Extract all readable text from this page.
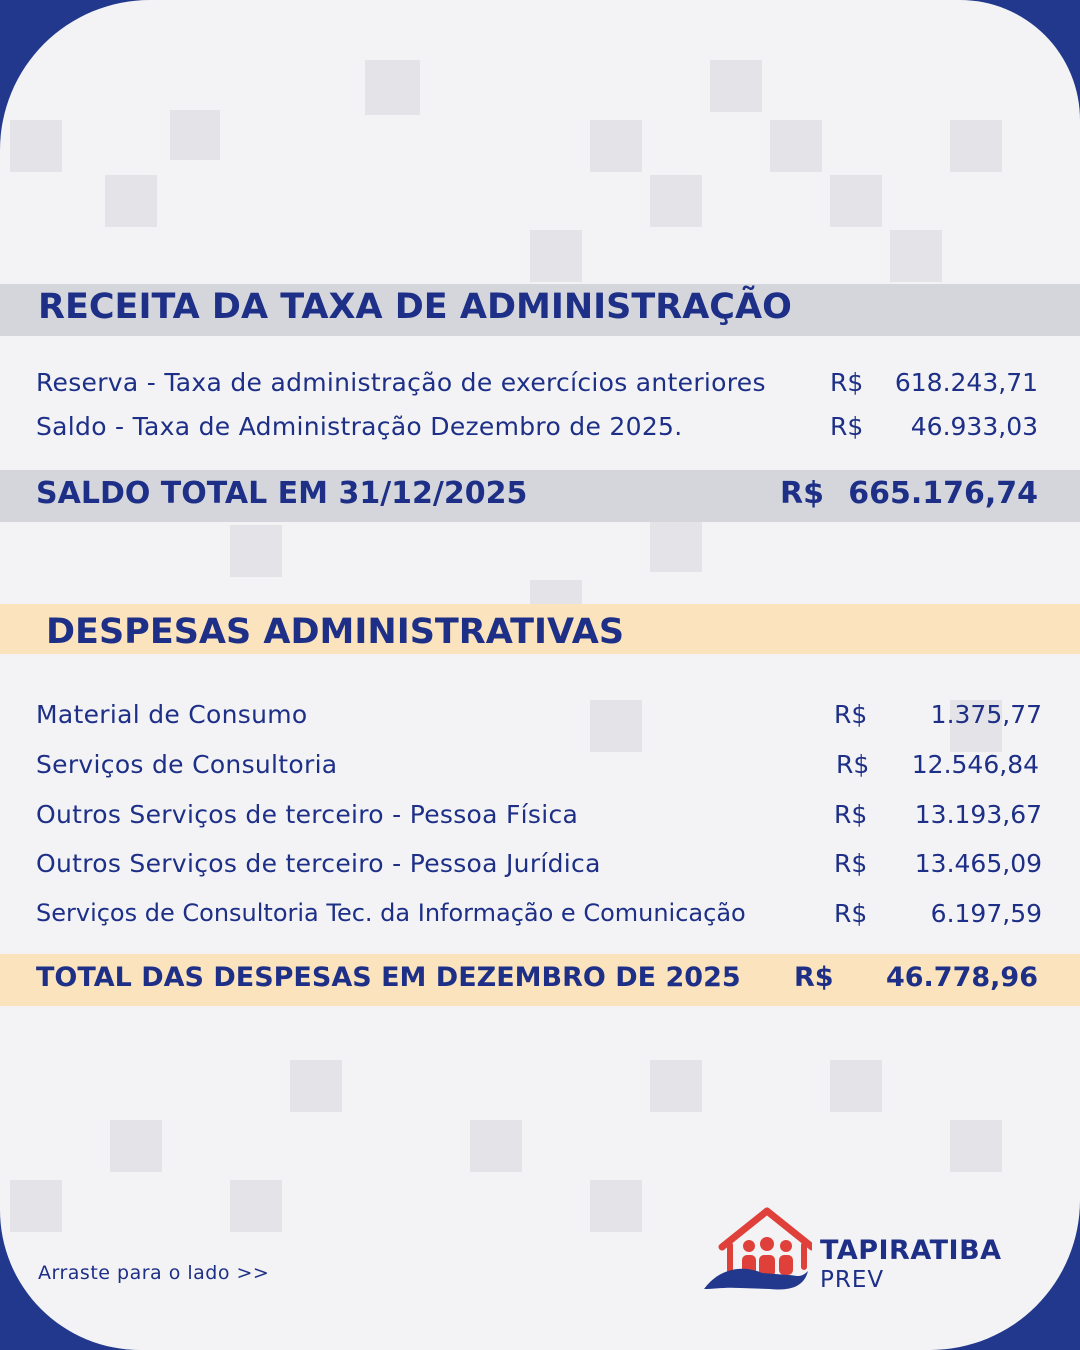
RECEITA DA TAXA DE ADMINISTRAÇÃO
Reserva - Taxa de administração de exercícios anteriores	R$	618.243,71
Saldo - Taxa de Administração Dezembro de 2025.	R$	46.933,03
SALDO TOTAL EM 31/12/2025	R$ 665.176,74
DESPESAS ADMINISTRATIVAS
Material de Consumo	R$	1.375,77
Serviços de Consultoria	R$	12.546,84
Outros Serviços de terceiro - Pessoa Física	R$	13.193,67
Outros Serviços de terceiro - Pessoa Jurídica	R$	13.465,09
Serviços de Consultoria Tec. da Informação e Comunicação	R$	6.197,59
TOTAL DAS DESPESAS EM DEZEMBRO DE 2025 R$	46.778,96
Arraste para o lado >>
TAPIRATIBA
PREV
